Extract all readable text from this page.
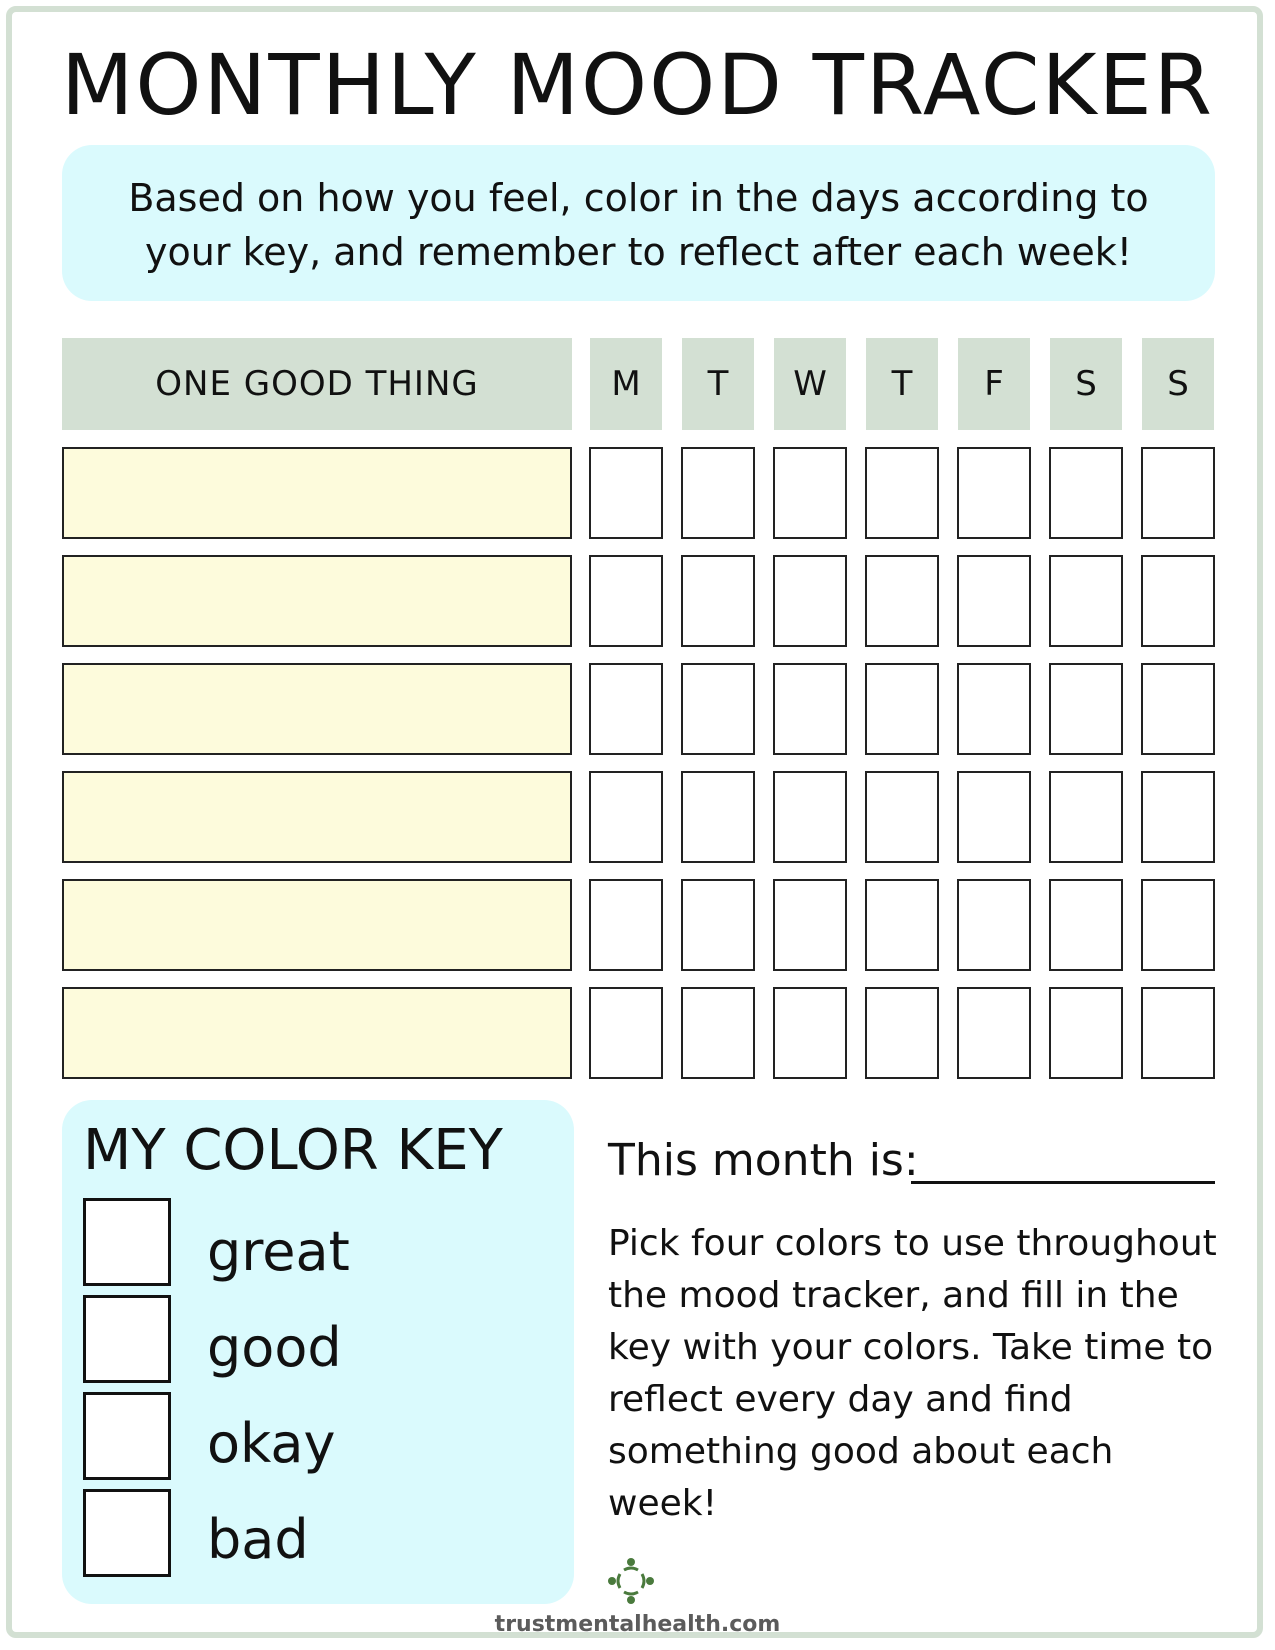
MONTHLY MOOD TRACKER
Based on how you feel, color in the days according to your key, and remember to reflect after each week!
ONE GOOD THING	M	T	W	T	F	S	S
MY COLOR KEY
great
good
okay
bad
This month is:
Pick four colors to use throughout the mood tracker, and fill in the key with your colors. Take time to reflect every day and find something good about each week!
trustmentalhealth.com
